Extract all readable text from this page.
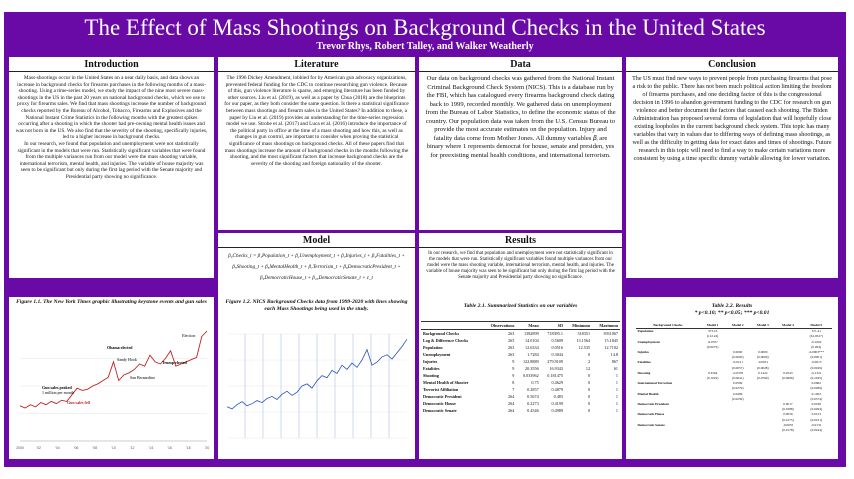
The Effect of Mass Shootings on Background Checks in the United States
Trevor Rhys, Robert Talley, and Walker Weatherly
Introduction
Mass-shootings occur in the United States on a near daily basis, and data shows an increase in background checks for firearms purchases in the following months of a mass-shooting. Using a time-series model, we study the impact of the nine most severe mass-shootings in the US in the past 20 years on national background checks, which we use to proxy for firearms sales. We find that mass shootings increase the number of background checks reported by the Bureau of Alcohol, Tobacco, Firearms and Explosives and the National Instant Crime Statistics in the following months with the greatest spikes occurring after a shooting in which the shooter had pre-owning mental health issues and was not born in the US. We also find that the severity of the shooting, specifically injuries, led to a higher increase in background checks.
In our research, we found that population and unemployment were not statistically significant in the models that were run. Statistically significant variables that were found from the multiple variances run from our model were the mass shooting variable, international terrorism, mental health, and injuries. The variable of house majority was seen to be significant but only during the first lag period with the Senate majority and Presidential party showing no significance.
Literature
The 1996 Dickey Amendment, lobbied for by American gun advocacy organizations, prevented federal funding for the CDC to continue researching gun violence. Because of this, gun violence literature is sparse, and emerging literature has been funded by other sources. Liu et al. (2019), as well as a paper by Chua (2018) are the blueprints for our paper, as they both consider the same question. Is there a statistical significance between mass shootings and firearm sales in the United States? In addition to these, a paper by Liu et al. (2019) provides an understanding for the time-series regression model we use. Strobe et al. (2017) and Luca et al. (2016) introduce the importance of the political party in office at the time of a mass shooting and how this, as well as changes in gun control, are important to consider when proving the statistical significance of mass shootings on background checks. All of these papers find that mass shootings increase the amount of background checks in the months following the shooting, and the most significant factors that increase background checks are the severity of the shooting and foreign nationality of the shooter.
Model
β₀Checks_t = β₁Population_t + β₂Unemployment_t + β₃Injuries_t + β₄Fatalities_t +
β₅Shooting_t + β₆MentalHealth_t + β₇Terrorism_t + β₈DemocraticPresident_t +
β₉DemocraticHouse_t + β₁₀DemocraticSenate_t + ε_t
Data
Our data on background checks was gathered from the National Instant Criminal Background Check System (NICS). This is a database run by the FBI, which has catalogued every firearms background check dating back to 1999, recorded monthly. We gathered data on unemployment from the Bureau of Labor Statistics, to define the economic status of the country. Our population data was taken from the U.S. Census Bureau to provide the most accurate estimates on the population. Injury and fatality data come from Mother Jones. All dummy variables 𝛽ᵢ are binary where 1 represents democrat for house, senate and presiden, yes for preexisting mental health conditions, and international terrorism.
Results
In our research, we find that population and unemployment were not statistically significant in the models that were run. Statistically significant variables found multiple variances from our model were the mass shooting variable, international terrorism, mental health, and injuries. The variable of house majority was seen to be significant but only during the first lag period with the Senate majority and Presidential party showing no significance.
Conclusion
The US must find new ways to prevent people from purchasing firearms that pose a risk to the public. There has not been much political action limiting the freedom of firearms purchases, and one deciding factor of this is the congressional decision in 1996 to abandon government funding to the CDC for research on gun violence and better document the factors that caused each shooting. The Biden Administration has proposed several forms of legislation that will hopefully close existing loopholes in the current background check system. This topic has many variables that vary in values due to differing ways of defining mass shootings, as well as the difficulty in getting data for exact dates and times of shootings. Future research in this topic will need to find a way to make certain variations more consistent by using a time specific dummy variable allowing for lower variation.
Figure 1.1. The New York Times graphic illustrating keystone events and gun sales
2000	'02	'04	'06	'08	'10	'12	'14	'16	'18	'20
Gun sales peaked
1 million per month
Obama elected
Sandy Hook
Gun sales fell
San Bernardino
Trump elected
Election
Figure 1.2. NICS Background Checks data from 1999-2020 with lines showing each Mass Shootings being used in the study.	Table 2.1. Summarized Statistics on our variables
	Observations	Mean	SD	Minimum	Maximum
Background Checks	263	1382899	718395.1	318351	3931067
Log & Difference Checks	263	14.0104	0.5609	13.1564	15.1845
Population	263	12.6334	0.0516	12.535	12.7102
Unemployment	263	1.7284	0.3044	0	14.8
Injuries	9	122.8889	279.9109	2	867
Fatalities	9	20.3556	16.9343	12	61
Shooting	9	0.033962	0.181475	0	1
Mental Health of Shooter	8	0.75	0.4629	0	1
Terrorist Affiliation	7	0.2857	0.4879	0	1
Democratic President	264	0.5674	0.483	0	1
Democratic House	264	0.2273	0.4199	0	1
Democratic Senate	264	0.4546	0.4989	0	1
Table 2.2. Results
* p<0.10; ** p<0.05; *** p<0.01
Background Checks	Model 1	Model 2	Model 3	Model 4	Model 5
Population	373.16				371.41
	(112.24)				(61.0327)
Unemployment	-0.0357				-0.1002
	(0.0073)				(0.004)
Injuries		0.0000	0.0000		-0.0003***
		(0.0000)	(0.0000)		(0.0001)
Fatalities		-0.0121	-0.0031		-0.0013
		(0.0057)	(0.0028)		(0.0029)
Shooting	0.3304	-0.0378	0.1422	0.0543	-0.1321
	(0.1019)	(0.0641)	(0.0769)	(0.0699)	(0.1045)
International Terrorism		0.0509			0.0962
		(0.0279)			(0.0289)
Mental Health		0.0409			0.1052
		(0.0259)			(0.0374)
Democratic President				0.0017	0.0198
				(0.0288)	(0.0294)
Democratic House				0.0059	0.0123
				(0.0175)	(0.0231)
Democratic Senate				-0.0035	-0.0131
				(0.0178)	(0.0244)
